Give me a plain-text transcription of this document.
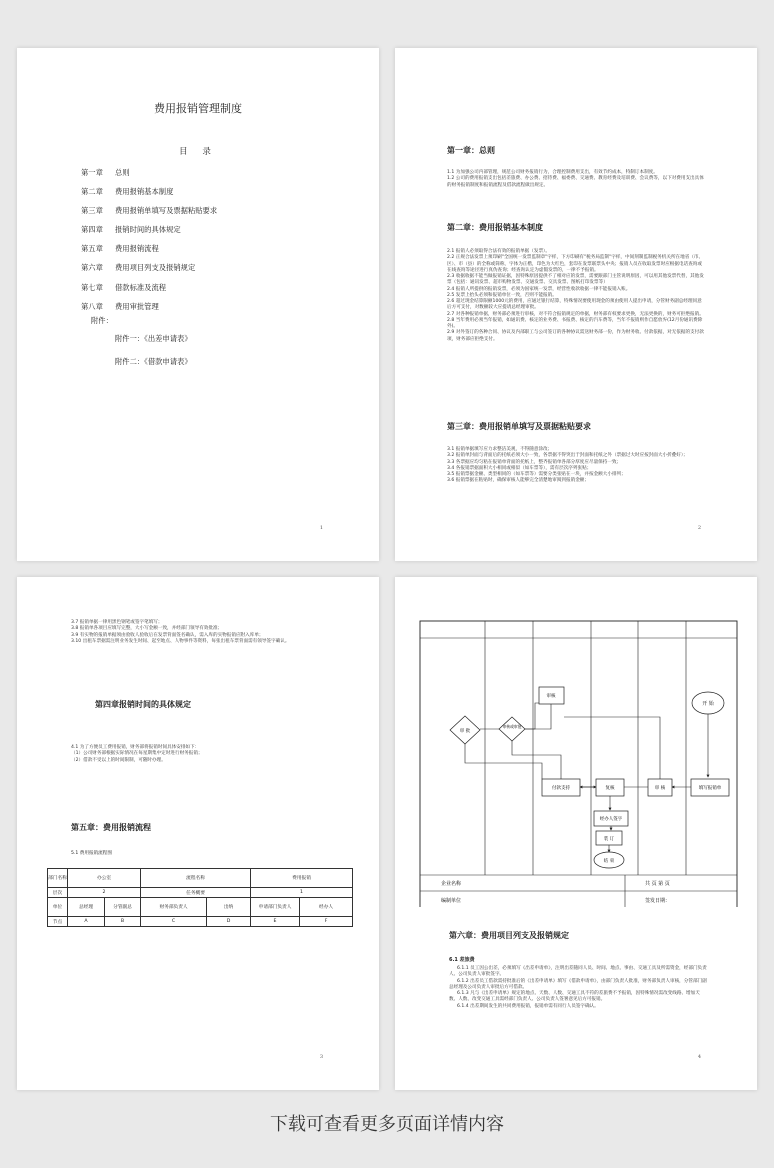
费用报销管理制度
目 录
第一章 总则
第二章 费用报销基本制度
第三章 费用报销单填写及票据粘贴要求
第四章 报销时间的具体规定
第五章 费用报销流程
第六章 费用项目列支及报销规定
第七章 借款标准及流程
第八章 费用审批管理
附件：
附件一：《出差申请表》
附件二：《借款申请表》
1
第一章：总则

1.1 为加强公司内部管理，规范公司财务报销行为，合理控制费用支出，有效节约成本，特制订本制度。

1.2 公司的费用报销支出包括差旅费、办公费、招待费、福委费、交通费、教育经费及培训费、会议费等，以下对费用支出具体的财务报销制度和报销流程及借款流程做出规定。

第二章：费用报销基本制度

2.1 报销人必须取得合法有效的报销单据（发票）。

2.2 正规合法发票上须印刷"全国统一发票监制章"字样，下方印刷有"税务局监制"字样，中间刻制监制税务机关所在地省（市、区）、市（县）的全称或简称，字体为正楷，印色为大红色，套印在发票联票头中央；报销人员在收取发票时应根据电话查询或在线查询等途径进行真伪查询；经查询认定为虚假发票的，一律不予报销。

2.3 收据收据不能当做报销证据，因特殊原因提供不了相对应的发票，需要跟部门主管说明原因，可以用其他发票代替，其他发票（包括：通讯发票、超市购物发票、交通发票、交具发票、图纸打印发票等）

2.4 报销人所提供的报销发票，必须为国家统一发票，经营性收款收据一律不能报销入账。

2.5 发票上抬头必须和报销单位一致，否则不能报销。

2.6 超过现金结算限额1000元的费用，应通过银行结算，特殊情况要使用现金的须由使用人提出申请，分管财务副总经理同意后方可支付，对数额较大应提请总经理审批。

2.7 对各种报销单据，财务部必须进行审核，对不符合报销规定的单据，财务部有权要求更换，无法更换的，财务可拒绝报销。

2.8 当年费用必须当年报销，如通讯费、核定的业务费、书报费、核定的汽车费等，当年不报销则作自愿放弃(12月份通讯费除外)。

2.9 对外签订的各种合同、协议及内部职工与公司签订的各种协议需送财务部一份，作为财务收、付款依据，对无依据的支付款项，财务部应拒绝支付。

第三章：费用报销单填写及票据粘贴要求

3.1 报销单据填写应力求整洁美观，不得随意涂改；

3.2 报销单封面与背面后的托纸必须大小一致，各票据不得突出于封面和托纸之外（票据过大时应按封面大小折叠好）；

3.3 各票据应均匀粘在报销单背面的托纸上，整齐报销单各部分厚度应尽量保持一致；

3.4 各报销票据面积大小相同或相似（如车票等），需有层次序列张贴；

3.5 报销票据金额、类型相同的（如车票等）需要分类张贴在一块，并按金额大小排列；

3.6 报销票据在粘贴时，确保审核人能够完全清楚地审阅到报销金额；

2

3.7 报销单据一律用黑色钢笔或签字笔填写；

3.8 报销单各项目应填写完整，大小写金额一致，并经部门领导有效批准；

3.9 有实物的报销单据须由验收人验收后在发票背面签名确认，需入库的实物报销应附入库单；

3.10 出租车票据需注明业务发生时间、起至地点、人物事件等资料，每张出租车票背面需有领导签字确认。

第四章报销时间的具体规定

4.1 为了方便员工费用报销，财务部将报销时间具体安排如下：

（1）公司财务部根据实际情况在每星期集中定时进行财务报销；

（2）借款不受以上的时间限制，可随时办理。

第五章：费用报销流程
5.1 费用报销流程图
部门名称	办公室		流程名称		费用报销	
层次	2		任务概要		1	
单位	总经理	分管副总	财务部负责人	出纳	申请部门负责人	经办人
节点	A	B	C	D	E	F
3
开 始
填写报销单
审 核
付款支持	复核
经办人签字
装 订
结 束
审核
审核或审批
审 批
企业名称	共 页 第 页
编制单位	签发日期：
第六章：费用项目列支及报销规定
6.1 差旅费

6.1.1 员工因公出差，必须填写《出差申请单》，注明出差随同人员、时间、地点、事由、交通工具及所需资金，经部门负责人、公司负责人审批签字。

6.1.2 出差员工借款需持批准后的《出差申请单》填写《借款申请单》，由部门负责人批准，财务部负责人审核，分管部门副总经理及公司负责人审批后方可借款。

6.1.3 凡与《出差申请单》规定的地点、天数、人数、交通工具不符的差旅费不予报销，因特殊情况需改变线路、增加天数、人数、改变交通工具需经部门负责人、公司负责人签署意见后方可报销。

6.1.4 出差期间发生的共同费用报销，报销单需有同行人员签字确认。

4
下载可查看更多页面详情内容
